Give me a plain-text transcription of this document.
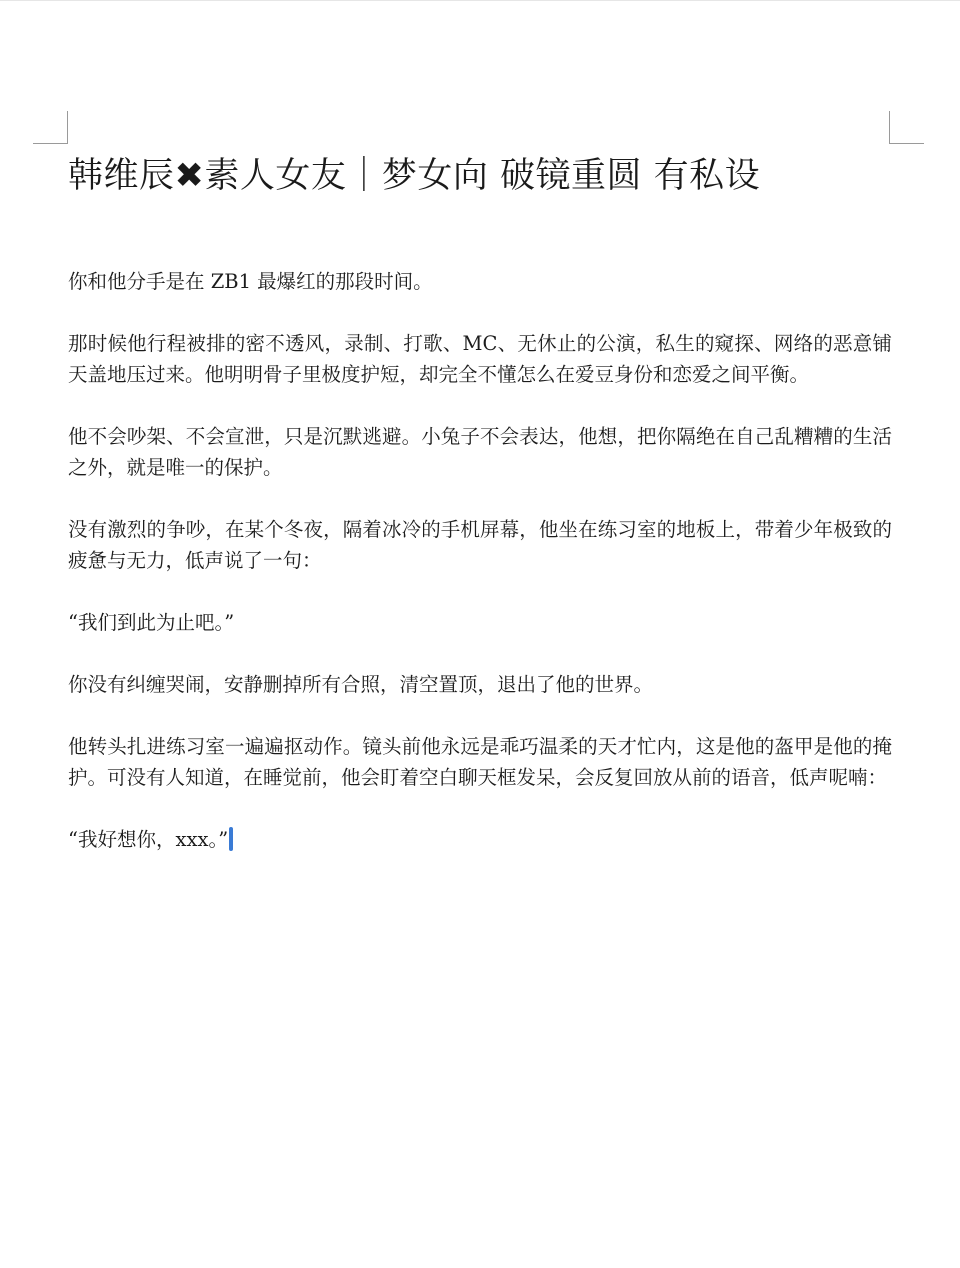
韩维辰✖素人女友｜梦女向 破镜重圆 有私设

你和他分手是在 ZB1 最爆红的那段时间。

那时候他行程被排的密不透风，录制、打歌、MC、无休止的公演，私生的窥探、网络的恶意铺天盖地压过来。他明明骨子里极度护短，却完全不懂怎么在爱豆身份和恋爱之间平衡。

他不会吵架、不会宣泄，只是沉默逃避。小兔子不会表达，他想，把你隔绝在自己乱糟糟的生活之外，就是唯一的保护。

没有激烈的争吵，在某个冬夜，隔着冰冷的手机屏幕，他坐在练习室的地板上，带着少年极致的疲惫与无力，低声说了一句：

“我们到此为止吧。”

你没有纠缠哭闹，安静删掉所有合照，清空置顶，退出了他的世界。

他转头扎进练习室一遍遍抠动作。镜头前他永远是乖巧温柔的天才忙内，这是他的盔甲是他的掩护。可没有人知道，在睡觉前，他会盯着空白聊天框发呆，会反复回放从前的语音，低声呢喃：

“我好想你，xxx。”
